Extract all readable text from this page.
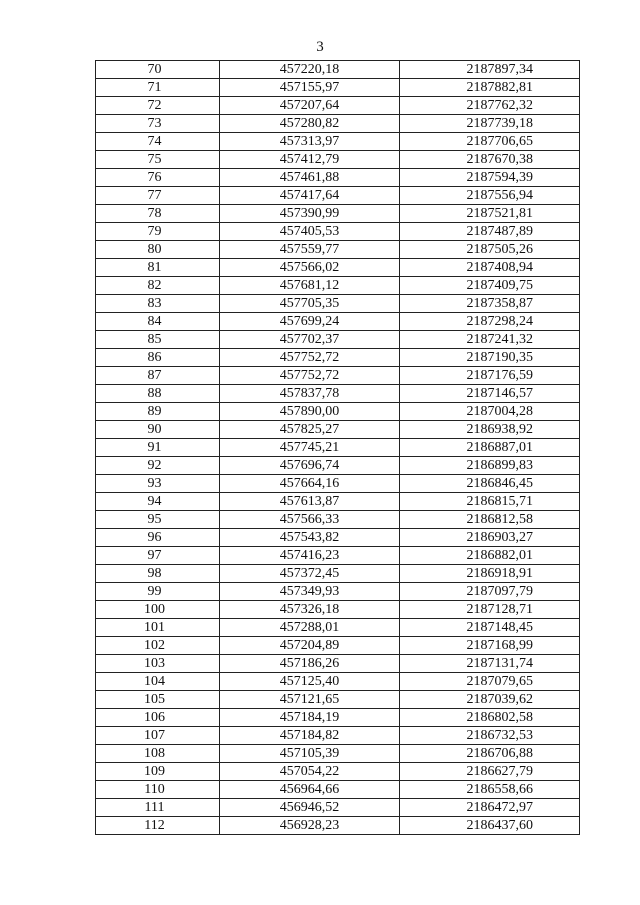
3
70	457220,18	2187897,34
71	457155,97	2187882,81
72	457207,64	2187762,32
73	457280,82	2187739,18
74	457313,97	2187706,65
75	457412,79	2187670,38
76	457461,88	2187594,39
77	457417,64	2187556,94
78	457390,99	2187521,81
79	457405,53	2187487,89
80	457559,77	2187505,26
81	457566,02	2187408,94
82	457681,12	2187409,75
83	457705,35	2187358,87
84	457699,24	2187298,24
85	457702,37	2187241,32
86	457752,72	2187190,35
87	457752,72	2187176,59
88	457837,78	2187146,57
89	457890,00	2187004,28
90	457825,27	2186938,92
91	457745,21	2186887,01
92	457696,74	2186899,83
93	457664,16	2186846,45
94	457613,87	2186815,71
95	457566,33	2186812,58
96	457543,82	2186903,27
97	457416,23	2186882,01
98	457372,45	2186918,91
99	457349,93	2187097,79
100	457326,18	2187128,71
101	457288,01	2187148,45
102	457204,89	2187168,99
103	457186,26	2187131,74
104	457125,40	2187079,65
105	457121,65	2187039,62
106	457184,19	2186802,58
107	457184,82	2186732,53
108	457105,39	2186706,88
109	457054,22	2186627,79
110	456964,66	2186558,66
111	456946,52	2186472,97
112	456928,23	2186437,60
